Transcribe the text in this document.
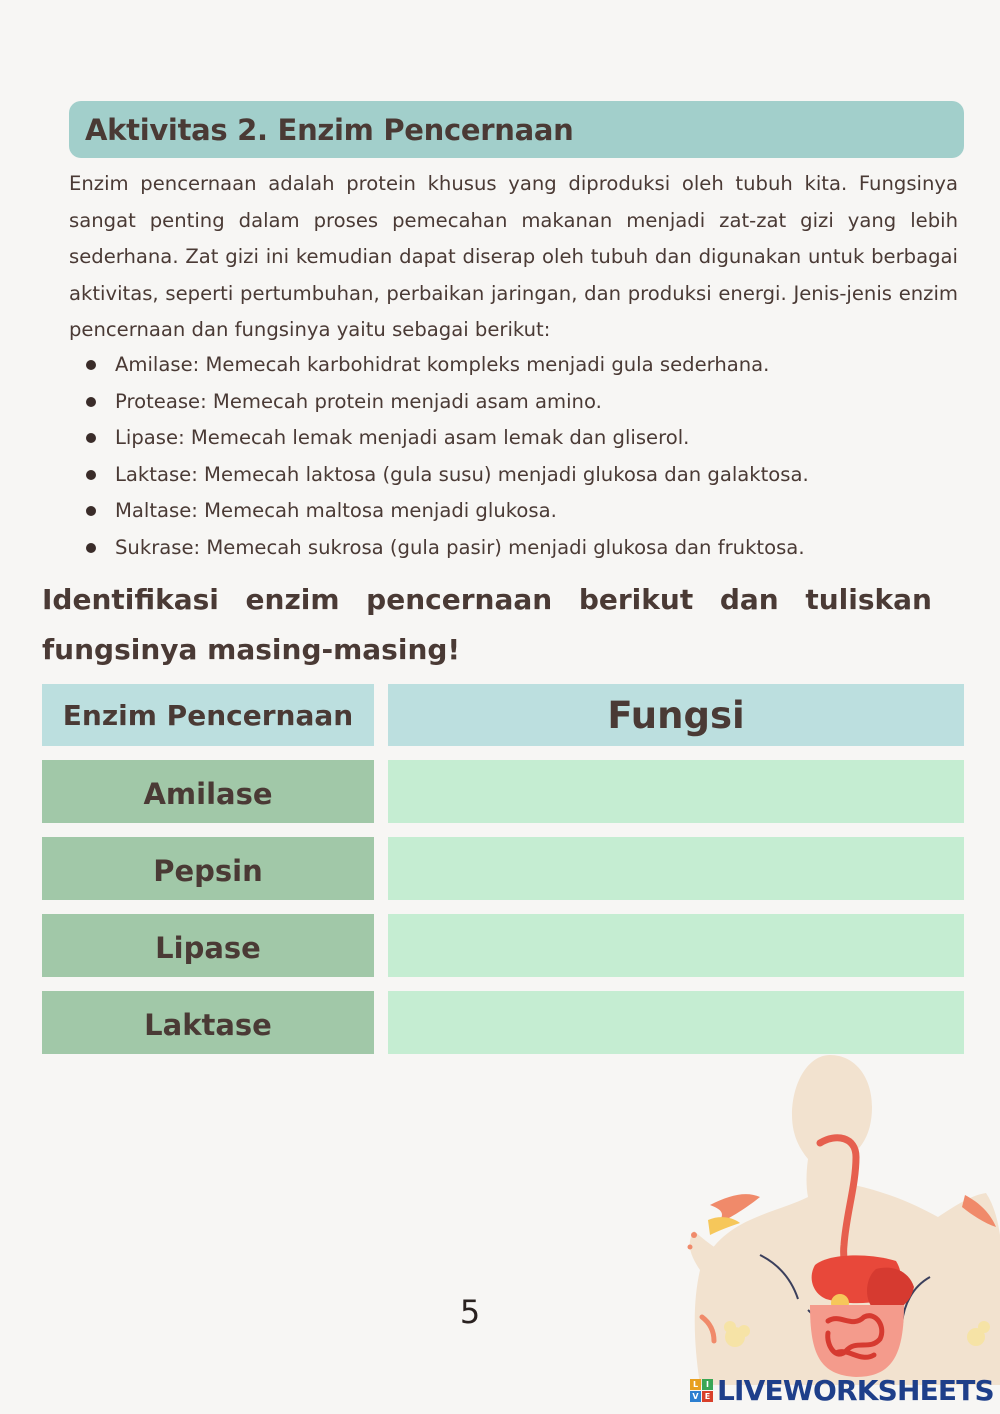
Aktivitas 2. Enzim Pencernaan

Enzim pencernaan adalah protein khusus yang diproduksi oleh tubuh kita. Fungsinya sangat penting dalam proses pemecahan makanan menjadi zat-zat gizi yang lebih sederhana. Zat gizi ini kemudian dapat diserap oleh tubuh dan digunakan untuk berbagai aktivitas, seperti pertumbuhan, perbaikan jaringan, dan produksi energi. Jenis-jenis enzim pencernaan dan fungsinya yaitu sebagai berikut:

Amilase: Memecah karbohidrat kompleks menjadi gula sederhana.
Protease: Memecah protein menjadi asam amino.
Lipase: Memecah lemak menjadi asam lemak dan gliserol.
Laktase: Memecah laktosa (gula susu) menjadi glukosa dan galaktosa.
Maltase: Memecah maltosa menjadi glukosa.
Sukrase: Memecah sukrosa (gula pasir) menjadi glukosa dan fruktosa.

Identifikasi enzim pencernaan berikut dan tuliskan fungsinya masing-masing!

Enzim Pencernaan	Fungsi
Amilase
Pepsin
Lipase
Laktase
5
L I
V E LIVEWORKSHEETS
